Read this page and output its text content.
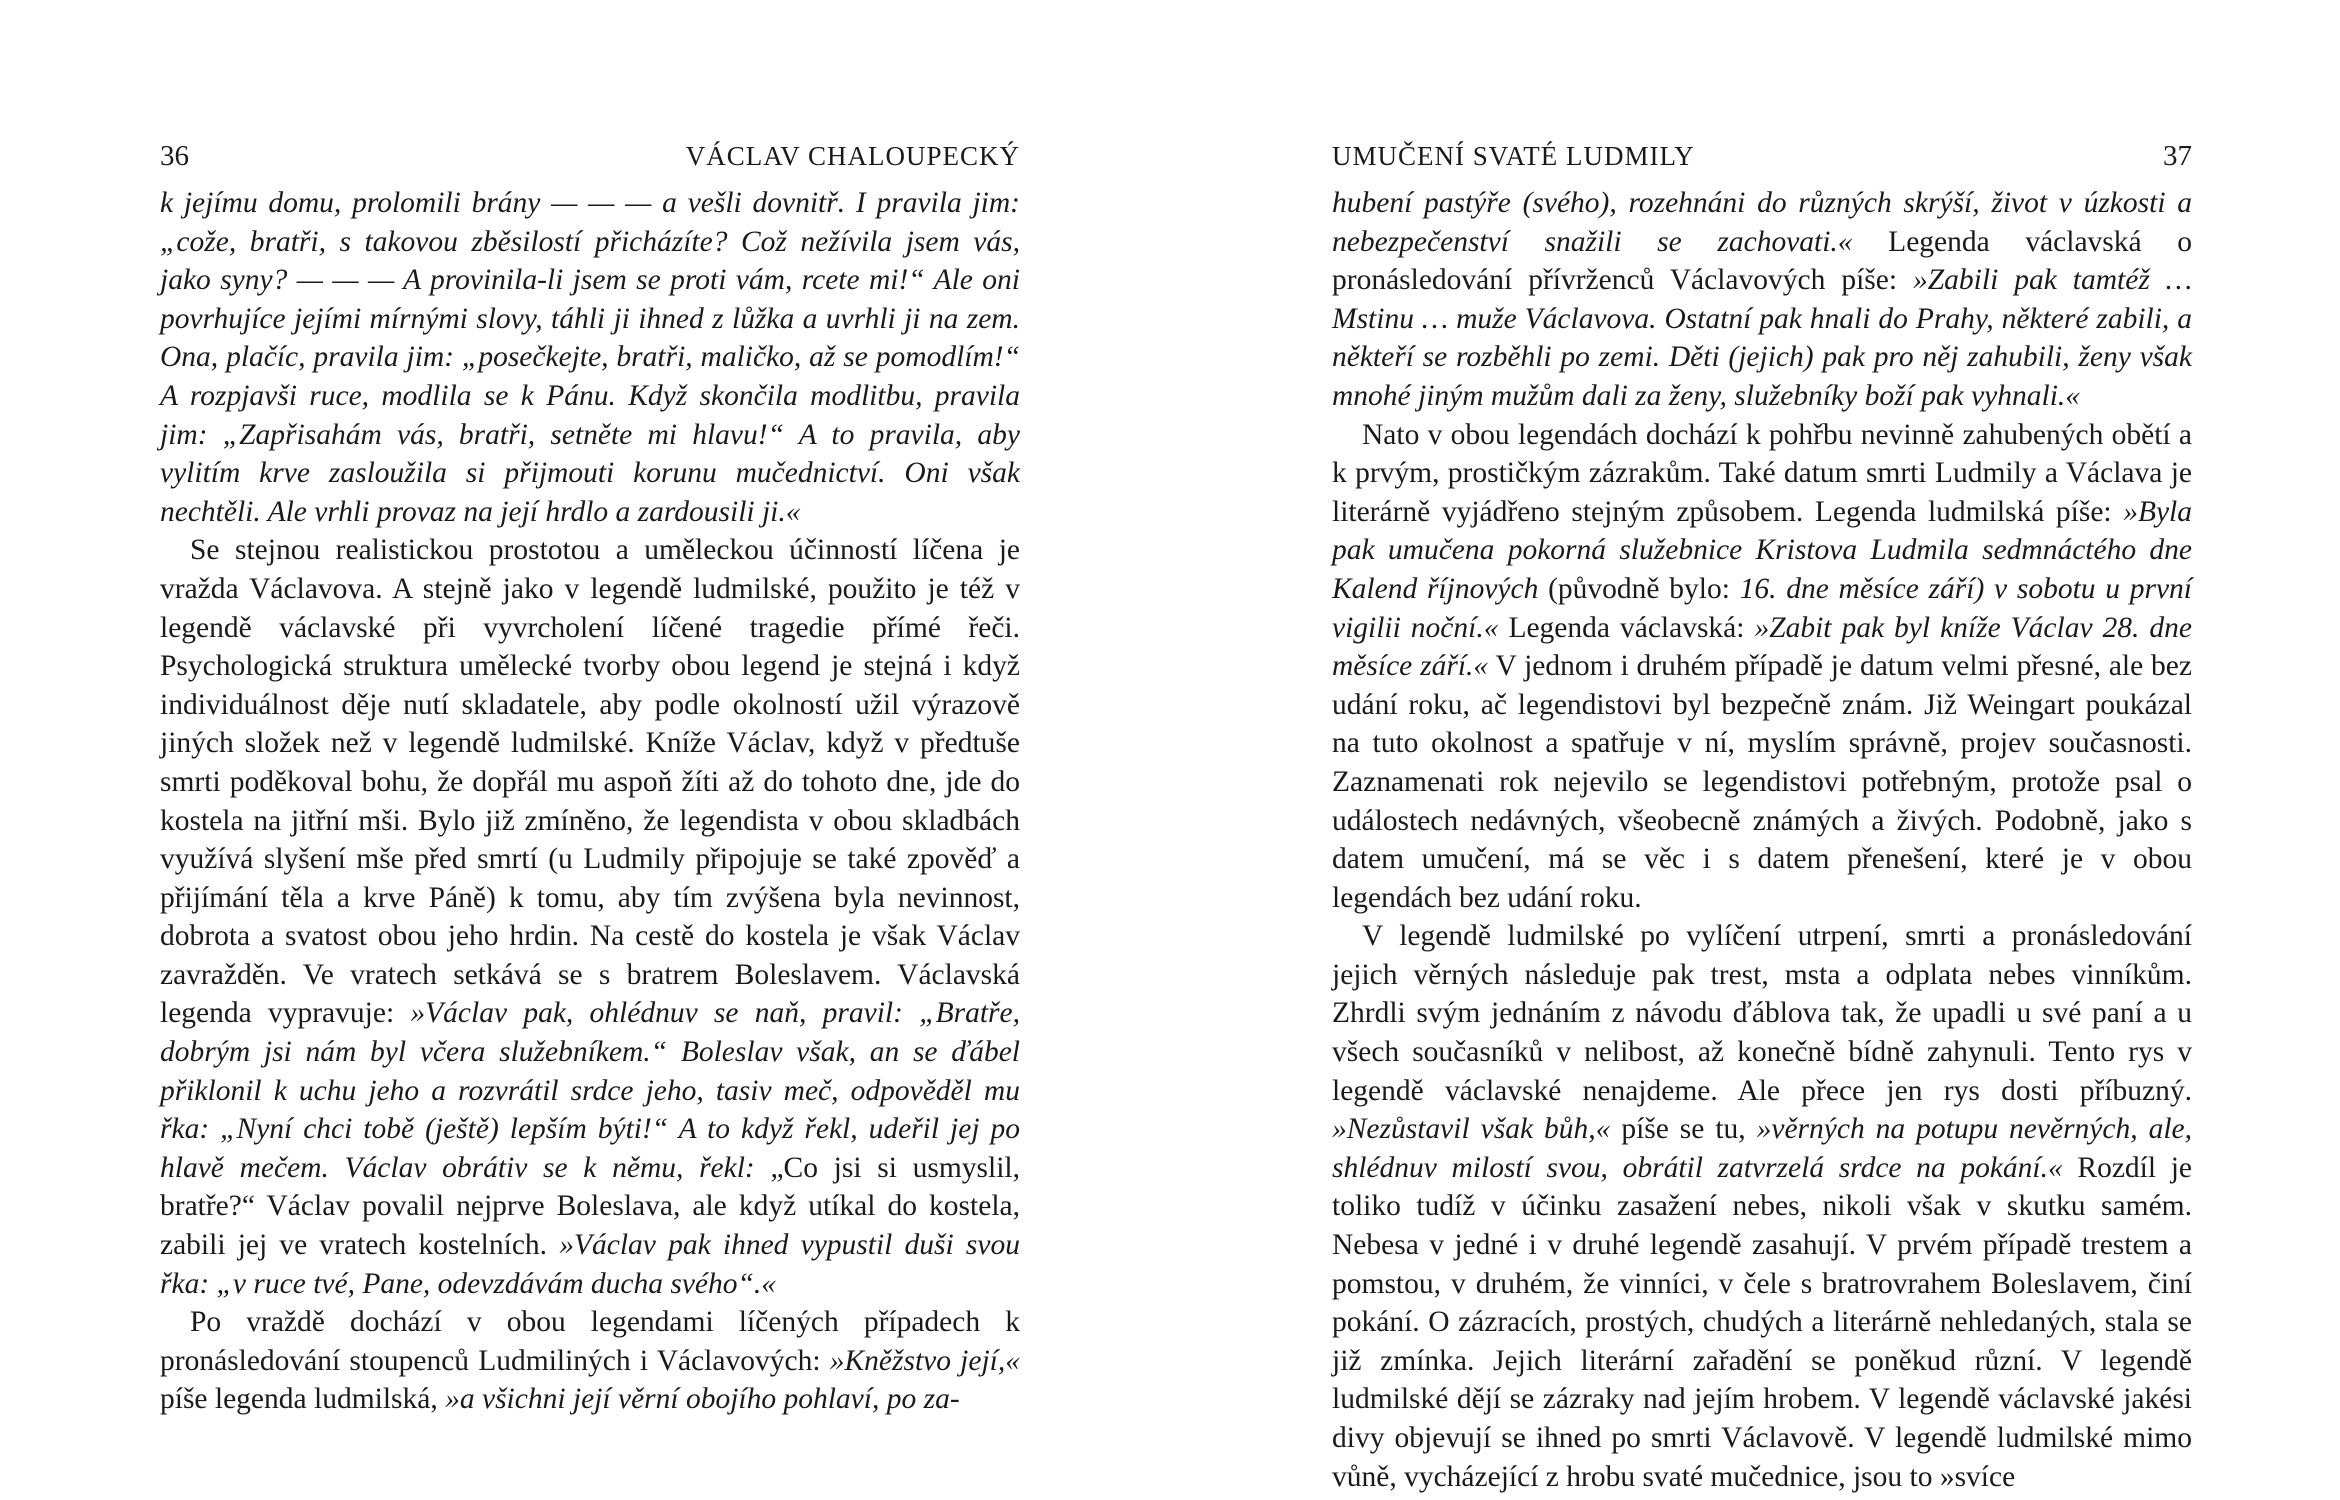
36	VÁCLAV CHALOUPECKÝ

k jejímu domu, prolomili brány — — — a vešli dovnitř. I pravila jim: „cože, bratři, s takovou zběsilostí přicházíte? Což nežívila jsem vás, jako syny? — — — A provinila-li jsem se proti vám, rcete mi!“ Ale oni povrhujíce jejími mírnými slovy, táhli ji ihned z lůžka a uvrhli ji na zem. Ona, plačíc, pravila jim: „posečkejte, bratři, maličko, až se pomodlím!“ A rozpjavši ruce, modlila se k Pánu. Když skončila modlitbu, pravila jim: „Zapřisahám vás, bratři, setněte mi hlavu!“ A to pravila, aby vylitím krve zasloužila si přijmouti korunu mučednictví. Oni však nechtěli. Ale vrhli provaz na její hrdlo a zardousili ji.«

Se stejnou realistickou prostotou a uměleckou účinností líčena je vražda Václavova. A stejně jako v legendě ludmilské, použito je též v legendě václavské při vyvrcholení líčené tragedie přímé řeči. Psychologická struktura umělecké tvorby obou legend je stejná i když individuálnost děje nutí skladatele, aby podle okolností užil výrazově jiných složek než v legendě ludmilské. Kníže Václav, když v předtuše smrti poděkoval bohu, že dopřál mu aspoň žíti až do tohoto dne, jde do kostela na jitřní mši. Bylo již zmíněno, že legendista v obou skladbách využívá slyšení mše před smrtí (u Ludmily připojuje se také zpověď a přijímání těla a krve Páně) k tomu, aby tím zvýšena byla nevinnost, dobrota a svatost obou jeho hrdin. Na cestě do kostela je však Václav zavražděn. Ve vratech setkává se s bratrem Boleslavem. Václavská legenda vypravuje: »Václav pak, ohlédnuv se naň, pravil: „Bratře, dobrým jsi nám byl včera služebníkem.“ Boleslav však, an se ďábel přiklonil k uchu jeho a rozvrátil srdce jeho, tasiv meč, odpověděl mu řka: „Nyní chci tobě (ještě) lepším býti!“ A to když řekl, udeřil jej po hlavě mečem. Václav obrátiv se k němu, řekl: „Co jsi si usmyslil, bratře?“ Václav povalil nejprve Boleslava, ale když utíkal do kostela, zabili jej ve vratech kostelních. »Václav pak ihned vypustil duši svou řka: „v ruce tvé, Pane, odevzdávám ducha svého“.«

Po vraždě dochází v obou legendami líčených případech k pronásledování stoupenců Ludmiliných i Václavových: »Kněžstvo její,« píše legenda ludmilská, »a všichni její věrní obojího pohlaví, po za-

UMUČENÍ SVATÉ LUDMILY	37

hubení pastýře (svého), rozehnáni do různých skrýší, život v úzkosti a nebezpečenství snažili se zachovati.« Legenda václavská o pronásledování přívrženců Václavových píše: »Zabili pak tamtéž … Mstinu … muže Václavova. Ostatní pak hnali do Prahy, některé zabili, a někteří se rozběhli po zemi. Děti (jejich) pak pro něj zahubili, ženy však mnohé jiným mužům dali za ženy, služebníky boží pak vyhnali.«

Nato v obou legendách dochází k pohřbu nevinně zahubených obětí a k prvým, prostičkým zázrakům. Také datum smrti Ludmily a Václava je literárně vyjádřeno stejným způsobem. Legenda ludmilská píše: »Byla pak umučena pokorná služebnice Kristova Ludmila sedmnáctého dne Kalend říjnových (původně bylo: 16. dne měsíce září) v sobotu u první vigilii noční.« Legenda václavská: »Zabit pak byl kníže Václav 28. dne měsíce září.« V jednom i druhém případě je datum velmi přesné, ale bez udání roku, ač legendistovi byl bezpečně znám. Již Weingart poukázal na tuto okolnost a spatřuje v ní, myslím správně, projev současnosti. Zaznamenati rok nejevilo se legendistovi potřebným, protože psal o událostech nedávných, všeobecně známých a živých. Podobně, jako s datem umučení, má se věc i s datem přenešení, které je v obou legendách bez udání roku.

V legendě ludmilské po vylíčení utrpení, smrti a pronásledování jejich věrných následuje pak trest, msta a odplata nebes vinníkům. Zhrdli svým jednáním z návodu ďáblova tak, že upadli u své paní a u všech současníků v nelibost, až konečně bídně zahynuli. Tento rys v legendě václavské nenajdeme. Ale přece jen rys dosti příbuzný. »Nezůstavil však bůh,« píše se tu, »věrných na potupu nevěrných, ale, shlédnuv milostí svou, obrátil zatvrzelá srdce na pokání.« Rozdíl je toliko tudíž v účinku zasažení nebes, nikoli však v skutku samém. Nebesa v jedné i v druhé legendě zasahují. V prvém případě trestem a pomstou, v druhém, že vinníci, v čele s bratrovrahem Boleslavem, činí pokání. O zázracích, prostých, chudých a literárně nehledaných, stala se již zmínka. Jejich literární zařadění se poněkud různí. V legendě ludmilské dějí se zázraky nad jejím hrobem. V legendě václavské jakési divy objevují se ihned po smrti Václavově. V legendě ludmilské mimo vůně, vycházející z hrobu svaté mučednice, jsou to »svíce
